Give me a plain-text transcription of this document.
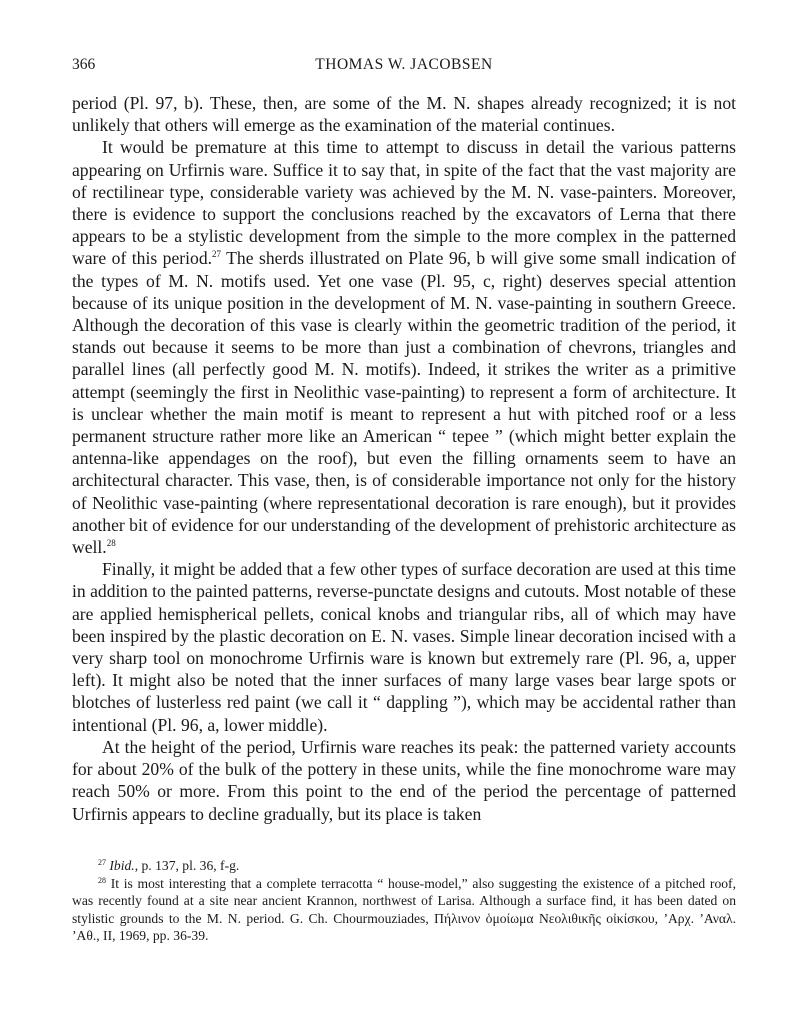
366	THOMAS W. JACOBSEN

period (Pl. 97, b). These, then, are some of the M. N. shapes already recognized; it is not unlikely that others will emerge as the examination of the material continues.

It would be premature at this time to attempt to discuss in detail the various patterns appearing on Urfirnis ware. Suffice it to say that, in spite of the fact that the vast majority are of rectilinear type, considerable variety was achieved by the M. N. vase-painters. Moreover, there is evidence to support the conclusions reached by the excavators of Lerna that there appears to be a stylistic development from the simple to the more complex in the patterned ware of this period.$^{27}$ The sherds illustrated on Plate 96, b will give some small indication of the types of M. N. motifs used. Yet one vase (Pl. 95, c, right) deserves special attention because of its unique position in the development of M. N. vase-painting in southern Greece. Although the decoration of this vase is clearly within the geometric tradition of the period, it stands out because it seems to be more than just a combination of chevrons, triangles and parallel lines (all perfectly good M. N. motifs). Indeed, it strikes the writer as a primitive attempt (seemingly the first in Neolithic vase-painting) to represent a form of architecture. It is unclear whether the main motif is meant to represent a hut with pitched roof or a less permanent structure rather more like an American “ tepee ” (which might better explain the antenna-like appendages on the roof), but even the filling ornaments seem to have an architectural character. This vase, then, is of considerable importance not only for the history of Neolithic vase-painting (where representational decoration is rare enough), but it provides another bit of evidence for our understanding of the development of prehistoric architecture as well.$^{28}$

Finally, it might be added that a few other types of surface decoration are used at this time in addition to the painted patterns, reverse-punctate designs and cutouts. Most notable of these are applied hemispherical pellets, conical knobs and triangular ribs, all of which may have been inspired by the plastic decoration on E. N. vases. Simple linear decoration incised with a very sharp tool on monochrome Urfirnis ware is known but extremely rare (Pl. 96, a, upper left). It might also be noted that the inner surfaces of many large vases bear large spots or blotches of lusterless red paint (we call it “ dappling ”), which may be accidental rather than intentional (Pl. 96, a, lower middle).

At the height of the period, Urfirnis ware reaches its peak: the patterned variety accounts for about 20% of the bulk of the pottery in these units, while the fine monochrome ware may reach 50% or more. From this point to the end of the period the percentage of patterned Urfirnis appears to decline gradually, but its place is taken

$^{27}$ Ibid., p. 137, pl. 36, f-g.

$^{28}$ It is most interesting that a complete terracotta “ house-model,” also suggesting the existence of a pitched roof, was recently found at a site near ancient Krannon, northwest of Larisa. Although a surface find, it has been dated on stylistic grounds to the M. N. period. G. Ch. Chourmouziades, Πήλινον ὁμοίωμα Νεολιθικῆς οἰκίσκου, ’Αρχ. ’Αναλ. ’Αθ., II, 1969, pp. 36-39.
